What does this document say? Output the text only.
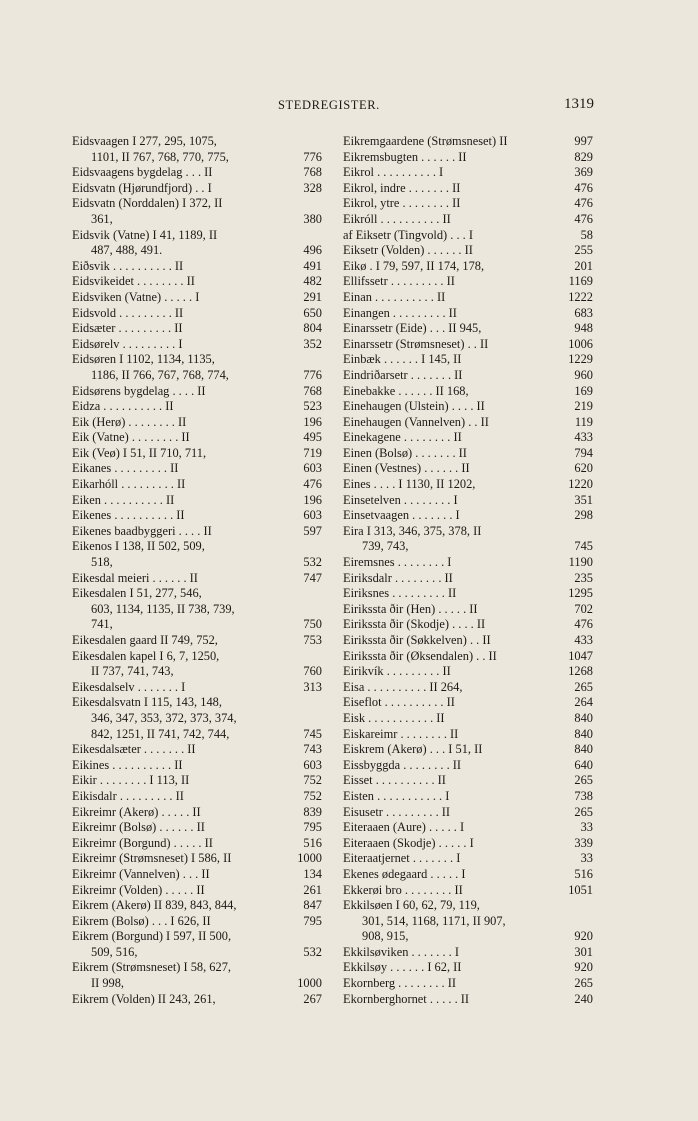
STEDREGISTER.	1319
Eidsvaagen I 277, 295, 1075,
1101, II 767, 768, 770, 775,	776
Eidsvaagens bygdelag . . . II	768
Eidsvatn (Hjørundfjord) . . I	328
Eidsvatn (Norddalen) I 372, II
361,	380
Eidsvik (Vatne) I 41, 1189, II
487, 488, 491.	496
Eiðsvik . . . . . . . . . . II	491
Eidsvikeidet . . . . . . . . II	482
Eidsviken (Vatne) . . . . . I	291
Eidsvold . . . . . . . . . II	650
Eidsæter . . . . . . . . . II	804
Eidsørelv . . . . . . . . . I	352
Eidsøren I 1102, 1134, 1135,
1186, II 766, 767, 768, 774,	776
Eidsørens bygdelag . . . . II	768
Eidza . . . . . . . . . . II	523
Eik (Herø) . . . . . . . . II	196
Eik (Vatne) . . . . . . . . II	495
Eik (Veø) I 51, II 710, 711,	719
Eikanes . . . . . . . . . II	603
Eikarhóll . . . . . . . . . II	476
Eiken . . . . . . . . . . II	196
Eikenes . . . . . . . . . . II	603
Eikenes baadbyggeri . . . . II	597
Eikenos I 138, II 502, 509,
518,	532
Eikesdal meieri . . . . . . II	747
Eikesdalen I 51, 277, 546,
603, 1134, 1135, II 738, 739,
741,	750
Eikesdalen gaard II 749, 752,	753
Eikesdalen kapel I 6, 7, 1250,
II 737, 741, 743,	760
Eikesdalselv . . . . . . . I	313
Eikesdalsvatn I 115, 143, 148,
346, 347, 353, 372, 373, 374,
842, 1251, II 741, 742, 744,	745
Eikesdalsæter . . . . . . . II	743
Eikines . . . . . . . . . . II	603
Eikir . . . . . . . . I 113, II	752
Eikisdalr . . . . . . . . . II	752
Eikreimr (Akerø) . . . . . II	839
Eikreimr (Bolsø) . . . . . . II	795
Eikreimr (Borgund) . . . . . II	516
Eikreimr (Strømsneset) I 586, II	1000
Eikreimr (Vannelven) . . . II	134
Eikreimr (Volden) . . . . . II	261
Eikrem (Akerø) II 839, 843, 844,	847
Eikrem (Bolsø) . . . I 626, II	795
Eikrem (Borgund) I 597, II 500,
509, 516,	532
Eikrem (Strømsneset) I 58, 627,
II 998,	1000
Eikrem (Volden) II 243, 261,	267
Eikremgaardene (Strømsneset) II	997
Eikremsbugten . . . . . . II	829
Eikrol . . . . . . . . . . I	369
Eikrol, indre . . . . . . . II	476
Eikrol, ytre . . . . . . . . II	476
Eikróll . . . . . . . . . . II	476
af Eiksetr (Tingvold) . . . I	58
Eiksetr (Volden) . . . . . . II	255
Eikø . I 79, 597, II 174, 178,	201
Ellifssetr . . . . . . . . . II	1169
Einan . . . . . . . . . . II	1222
Einangen . . . . . . . . . II	683
Einarssetr (Eide) . . . II 945,	948
Einarssetr (Strømsneset) . . II	1006
Einbæk . . . . . . I 145, II	1229
Eindriðarsetr . . . . . . . II	960
Einebakke . . . . . . II 168,	169
Einehaugen (Ulstein) . . . . II	219
Einehaugen (Vannelven) . . II	119
Einekagene . . . . . . . . II	433
Einen (Bolsø) . . . . . . . II	794
Einen (Vestnes) . . . . . . II	620
Eines . . . . I 1130, II 1202,	1220
Einsetelven . . . . . . . . I	351
Einsetvaagen . . . . . . . I	298
Eira I 313, 346, 375, 378, II
739, 743,	745
Eiremsnes . . . . . . . . I	1190
Eiriksdalr . . . . . . . . II	235
Eiriksnes . . . . . . . . . II	1295
Eirikssta ðir (Hen) . . . . . II	702
Eirikssta ðir (Skodje) . . . . II	476
Eirikssta ðir (Søkkelven) . . II	433
Eirikssta ðir (Øksendalen) . . II	1047
Eirikvík . . . . . . . . . II	1268
Eisa . . . . . . . . . . II 264,	265
Eiseflot . . . . . . . . . . II	264
Eisk . . . . . . . . . . . II	840
Eiskareimr . . . . . . . . II	840
Eiskrem (Akerø) . . . I 51, II	840
Eissbyggda . . . . . . . . II	640
Eisset . . . . . . . . . . II	265
Eisten . . . . . . . . . . . I	738
Eisusetr . . . . . . . . . II	265
Eiteraaen (Aure) . . . . . I	33
Eiteraaen (Skodje) . . . . . I	339
Eiteraatjernet . . . . . . . I	33
Ekenes ødegaard . . . . . I	516
Ekkerøi bro . . . . . . . . II	1051
Ekkilsøen I 60, 62, 79, 119,
301, 514, 1168, 1171, II 907,
908, 915,	920
Ekkilsøviken . . . . . . . I	301
Ekkilsøy . . . . . . I 62, II	920
Ekornberg . . . . . . . . II	265
Ekornberghornet . . . . . II	240
